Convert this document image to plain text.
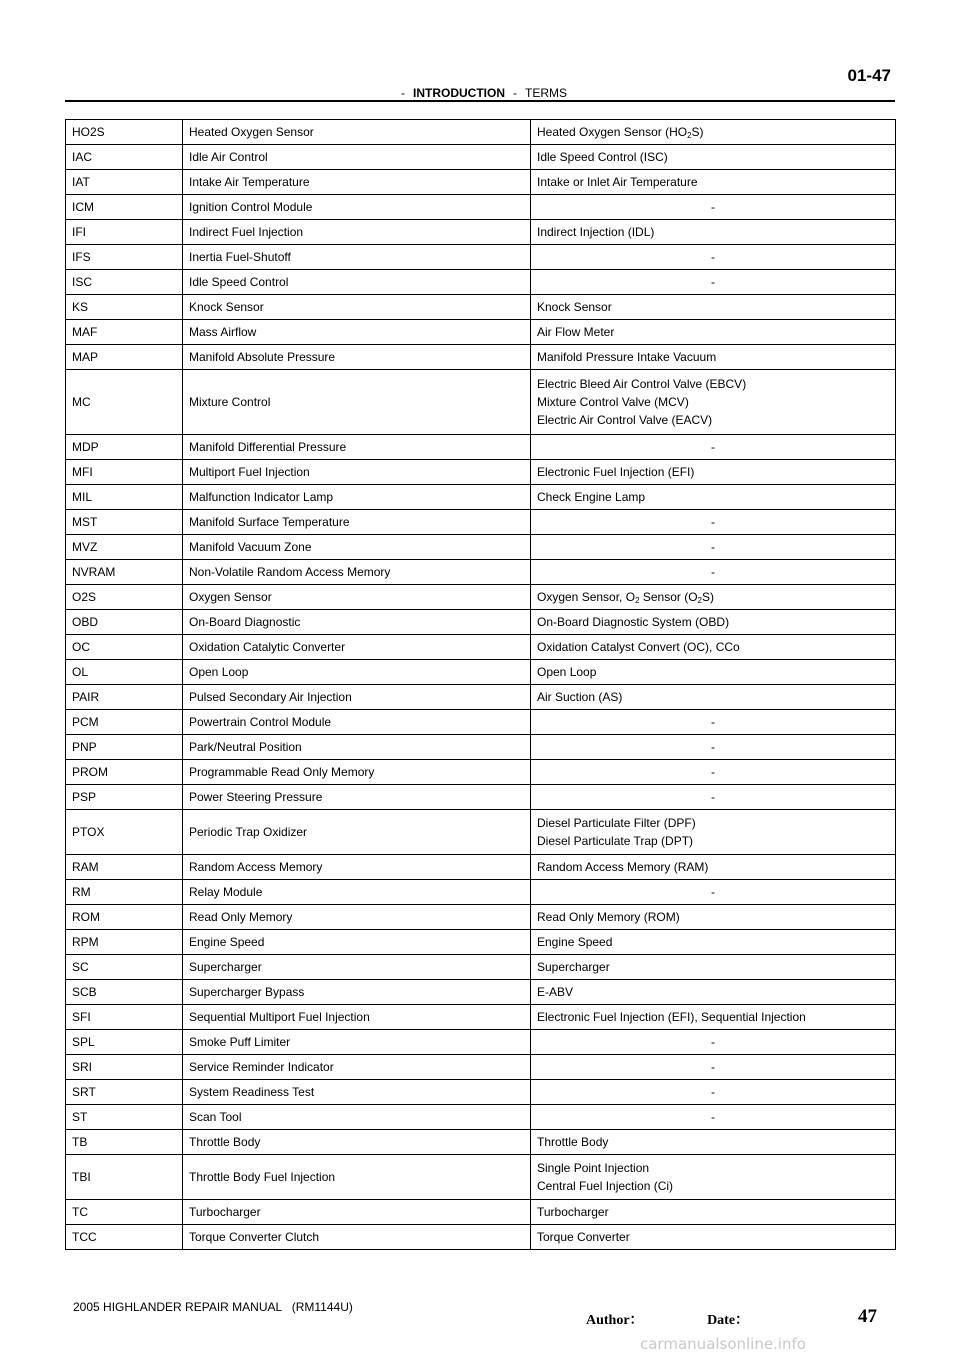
- INTRODUCTION - TERMS
01-47
HO2S	Heated Oxygen Sensor	Heated Oxygen Sensor $(HO_2S)$

IAC	Idle Air Control	Idle Speed Control (ISC)

IAT	Intake Air Temperature	Intake or Inlet Air Temperature

ICM	Ignition Control Module	-

IFI	Indirect Fuel Injection	Indirect Injection (IDL)

IFS	Inertia Fuel-Shutoff	-

ISC	Idle Speed Control	-

KS	Knock Sensor	Knock Sensor

MAF	Mass Airflow	Air Flow Meter

MAP	Manifold Absolute Pressure	Manifold Pressure Intake Vacuum

MC	Mixture Control	Electric Bleed Air Control Valve (EBCV)
Mixture Control Valve (MCV)
Electric Air Control Valve (EACV)

MDP	Manifold Differential Pressure	-

MFI	Multiport Fuel Injection	Electronic Fuel Injection (EFI)

MIL	Malfunction Indicator Lamp	Check Engine Lamp

MST	Manifold Surface Temperature	-

MVZ	Manifold Vacuum Zone	-

NVRAM	Non-Volatile Random Access Memory	-

O2S	Oxygen Sensor	Oxygen Sensor, $O_2$ Sensor $(O_2S)$

OBD	On-Board Diagnostic	On-Board Diagnostic System (OBD)

OC	Oxidation Catalytic Converter	Oxidation Catalyst Convert (OC), CCo

OL	Open Loop	Open Loop

PAIR	Pulsed Secondary Air Injection	Air Suction (AS)

PCM	Powertrain Control Module	-

PNP	Park/Neutral Position	-

PROM	Programmable Read Only Memory	-

PSP	Power Steering Pressure	-

PTOX	Periodic Trap Oxidizer	Diesel Particulate Filter (DPF)
Diesel Particulate Trap (DPT)

RAM	Random Access Memory	Random Access Memory (RAM)

RM	Relay Module	-

ROM	Read Only Memory	Read Only Memory (ROM)

RPM	Engine Speed	Engine Speed

SC	Supercharger	Supercharger

SCB	Supercharger Bypass	E-ABV

SFI	Sequential Multiport Fuel Injection	Electronic Fuel Injection (EFI), Sequential Injection

SPL	Smoke Puff Limiter	-

SRI	Service Reminder Indicator	-

SRT	System Readiness Test	-

ST	Scan Tool	-

TB	Throttle Body	Throttle Body

TBI	Throttle Body Fuel Injection	Single Point Injection
Central Fuel Injection (Ci)

TC	Turbocharger	Turbocharger

TCC	Torque Converter Clutch	Torque Converter
2005 HIGHLANDER REPAIR MANUAL   (RM1144U)
Author：	Date：	47
carmanualsonline.info
